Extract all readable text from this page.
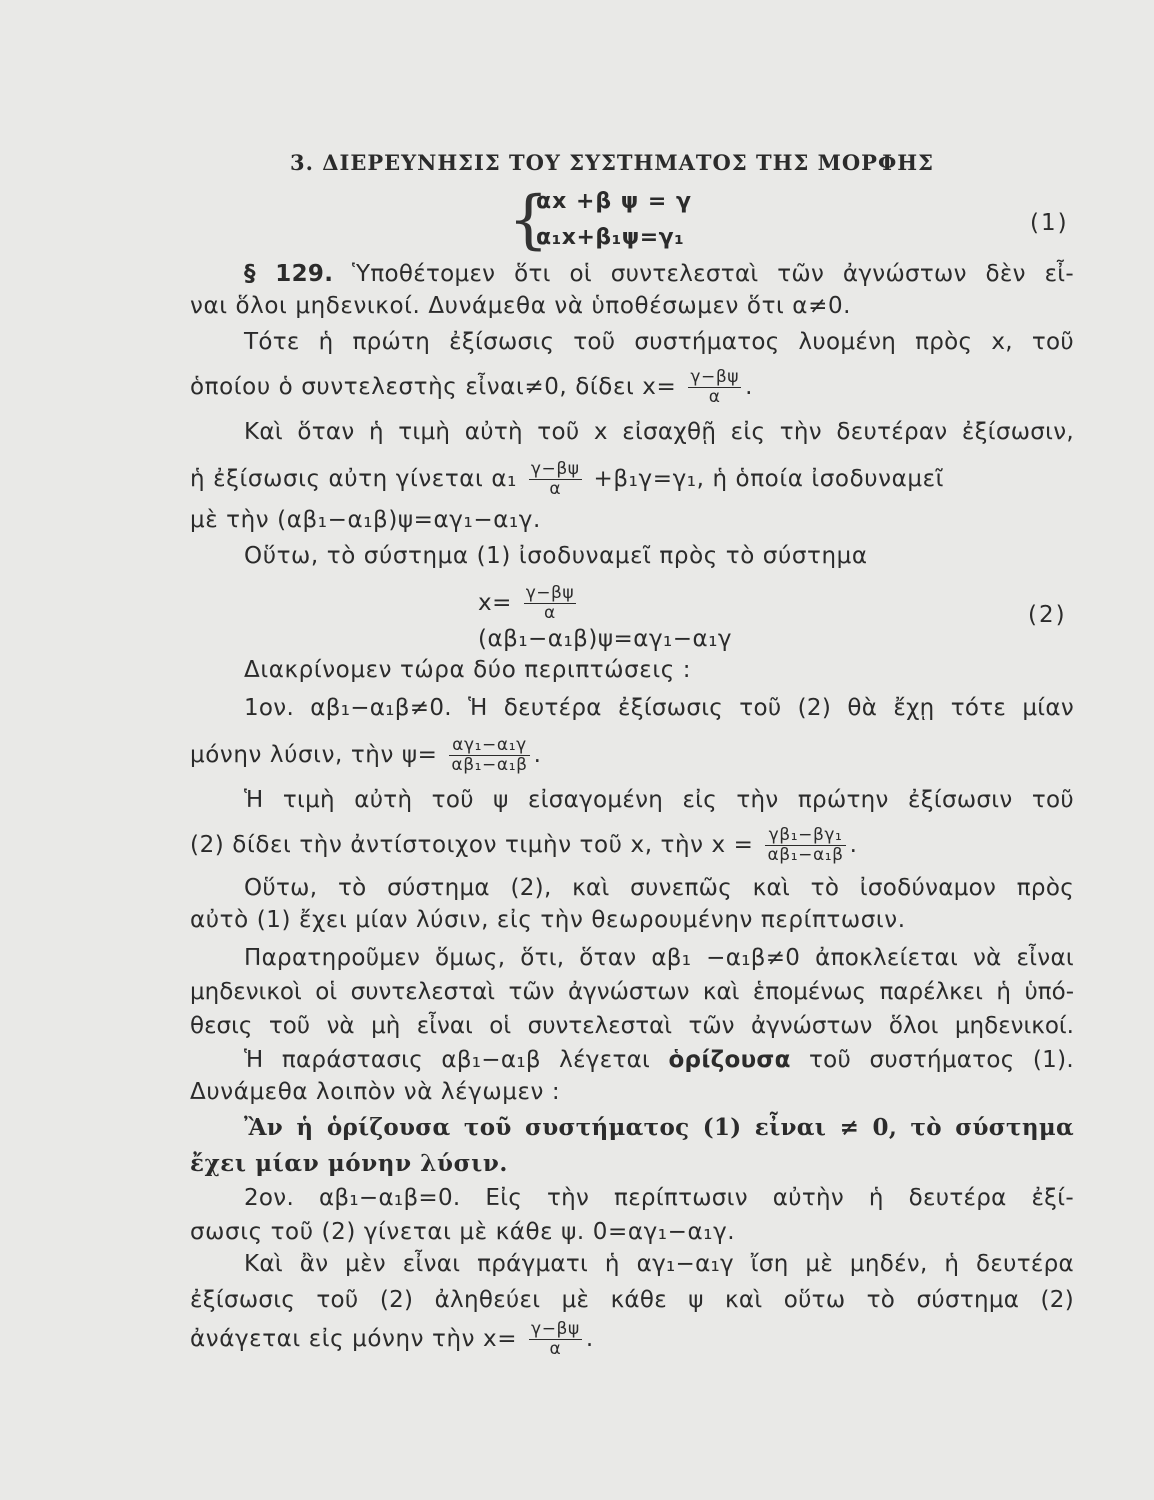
3. ΔΙΕΡΕΥΝΗΣΙΣ ΤΟΥ ΣΥΣΤΗΜΑΤΟΣ ΤΗΣ ΜΟΡΦΗΣ
{
αx +β ψ = γ
α₁x+β₁ψ=γ₁
(1)
§ 129. Ὑποθέτομεν ὅτι οἱ συντελεσταὶ τῶν ἀγνώστων δὲν εἶ-
ναι ὅλοι μηδενικοί. Δυνάμεθα νὰ ὑποθέσωμεν ὅτι α≠0.
Τότε ἡ πρώτη ἐξίσωσις τοῦ συστήματος λυομένη πρὸς x, τοῦ
ὁποίου ὁ συντελεστὴς εἶναι≠0, δίδει $x= \frac{\gamma-\beta\psi}{\alpha}$ .
Καὶ ὅταν ἡ τιμὴ αὐτὴ τοῦ x εἰσαχθῇ εἰς τὴν δευτέραν ἐξίσωσιν,
ἡ ἐξίσωσις αὐτη γίνεται $\alpha_1 \frac{\gamma-\beta\psi}{\alpha} +\beta_1\gamma=\gamma_1$, ἡ ὁποία ἰσοδυναμεῖ
μὲ τὴν (αβ₁−α₁β)ψ=αγ₁−α₁γ.
Οὕτω, τὸ σύστημα (1) ἰσοδυναμεῖ πρὸς τὸ σύστημα
Διακρίνομεν τώρα δύο περιπτώσεις :
1ον. αβ₁−α₁β≠0. Ἡ δευτέρα ἐξίσωσις τοῦ (2) θὰ ἔχῃ τότε μίαν
μόνην λύσιν, τὴν $\psi= \frac{\text{αγ₁−α₁γ}}{\text{αβ₁−α₁β}}$ .
Ἡ τιμὴ αὐτὴ τοῦ ψ εἰσαγομένη εἰς τὴν πρώτην ἐξίσωσιν τοῦ
(2) δίδει τὴν ἀντίστοιχον τιμὴν τοῦ x, τὴν $x = \frac{\text{γβ₁−βγ₁}}{\text{αβ₁−α₁β}}$ .
Οὕτω, τὸ σύστημα (2), καὶ συνεπῶς καὶ τὸ ἰσοδύναμον πρὸς
αὐτὸ (1) ἔχει μίαν λύσιν, εἰς τὴν θεωρουμένην περίπτωσιν.
Παρατηροῦμεν ὅμως, ὅτι, ὅταν αβ₁ −α₁β≠0 ἀποκλείεται νὰ εἶναι
μηδενικοὶ οἱ συντελεσταὶ τῶν ἀγνώστων καὶ ἑπομένως παρέλκει ἡ ὑπό-
θεσις τοῦ νὰ μὴ εἶναι οἱ συντελεσταὶ τῶν ἀγνώστων ὅλοι μηδενικοί.
Ἡ παράστασις αβ₁−α₁β λέγεται ὁρίζουσα τοῦ συστήματος (1).
Δυνάμεθα λοιπὸν νὰ λέγωμεν :
Ἂν ἡ ὁρίζουσα τοῦ συστήματος (1) εἶναι ≠ 0, τὸ σύστημα
ἔχει μίαν μόνην λύσιν.
2ον. αβ₁−α₁β=0. Εἰς τὴν περίπτωσιν αὐτὴν ἡ δευτέρα ἐξί-
σωσις τοῦ (2) γίνεται μὲ κάθε ψ. 0=αγ₁−α₁γ.
Καὶ ἂν μὲν εἶναι πράγματι ἡ αγ₁−α₁γ ἴση μὲ μηδέν, ἡ δευτέρα
ἐξίσωσις τοῦ (2) ἀληθεύει μὲ κάθε ψ καὶ οὕτω τὸ σύστημα (2)
ἀνάγεται εἰς μόνην τὴν $x= \frac{\gamma-\beta\psi}{\alpha}$ .
$x= \frac{\gamma-\beta\psi}{\alpha}$
(αβ₁−α₁β)ψ=αγ₁−α₁γ
(2)
